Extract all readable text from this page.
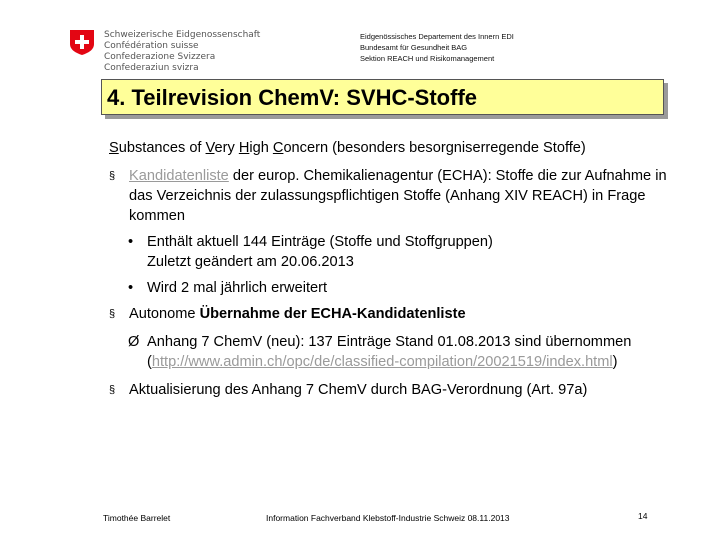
Schweizerische Eidgenossenschaft
Confédération suisse
Confederazione Svizzera
Confederaziun svizra
Eidgenössisches Departement des Innern EDI
Bundesamt für Gesundheit BAG
Sektion REACH und Risikomanagement
4. Teilrevision ChemV: SVHC-Stoffe

Substances of Very High Concern (besonders besorgniserregende Stoffe)

§ Kandidatenliste der europ. Chemikalienagentur (ECHA): Stoffe die zur Aufnahme in das Verzeichnis der zulassungspflichtigen Stoffe (Anhang XIV REACH) in Frage kommen
• Enthält aktuell 144 Einträge (Stoffe und Stoffgruppen)
Zuletzt geändert am 20.06.2013
• Wird 2 mal jährlich erweitert
§ Autonome Übernahme der ECHA-Kandidatenliste
Ø Anhang 7 ChemV (neu): 137 Einträge Stand 01.08.2013 sind übernommen (http://www.admin.ch/opc/de/classified-compilation/20021519/index.html)
§ Aktualisierung des Anhang 7 ChemV durch BAG-Verordnung (Art. 97a)
Timothée Barrelet	Information Fachverband Klebstoff-Industrie Schweiz 08.11.2013	14
